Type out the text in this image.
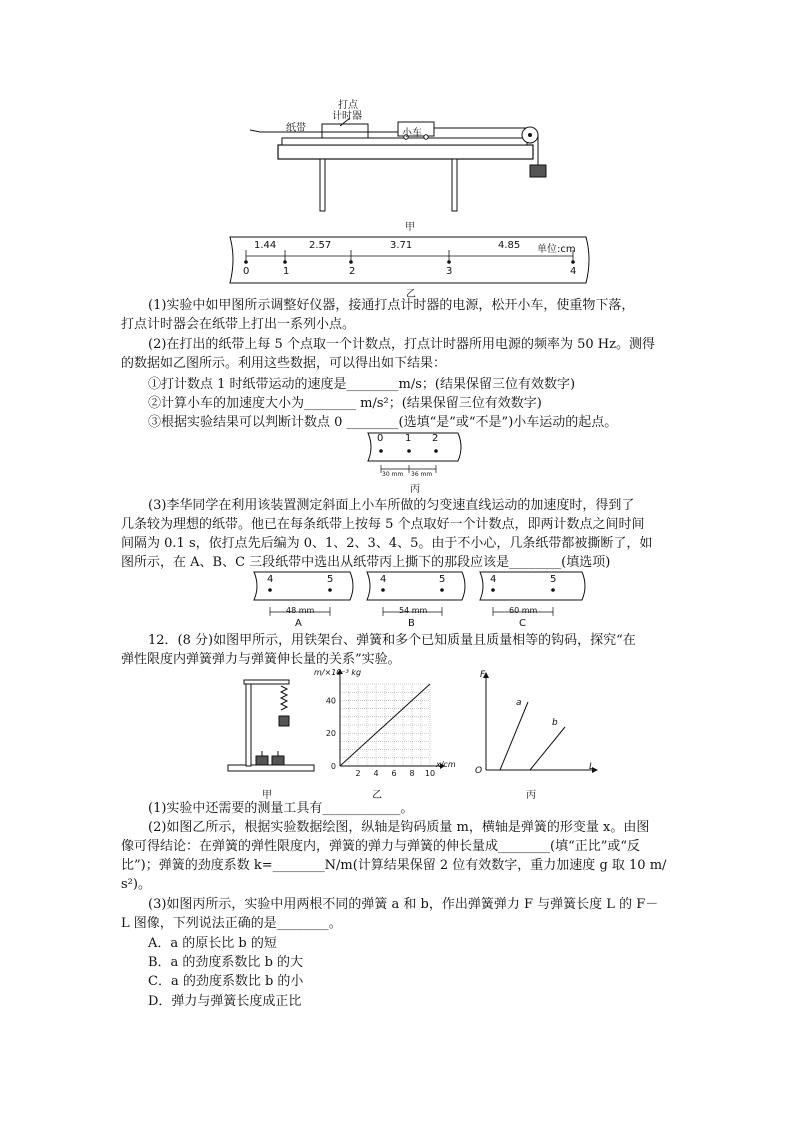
打点
计时器
纸带	小车
甲
1.44	2.57	3.71	4.85 单位:cm
0	1	2	3	4
乙
(1)实验中如甲图所示调整好仪器，接通打点计时器的电源，松开小车，使重物下落，
打点计时器会在纸带上打出一系列小点。
(2)在打出的纸带上每 5 个点取一个计数点，打点计时器所用电源的频率为 50 Hz。测得
的数据如乙图所示。利用这些数据，可以得出如下结果：
①打计数点 1 时纸带运动的速度是________m/s；(结果保留三位有效数字)
②计算小车的加速度大小为________ m/s²；(结果保留三位有效数字)
③根据实验结果可以判断计数点 0 ________(选填“是”或“不是”)小车运动的起点。
0 1 2
30 mm 36 mm
丙
(3)李华同学在利用该装置测定斜面上小车所做的匀变速直线运动的加速度时，得到了
几条较为理想的纸带。他已在每条纸带上按每 5 个点取好一个计数点，即两计数点之间时间
间隔为 0.1 s，依打点先后编为 0、1、2、3、4、5。由于不小心，几条纸带都被撕断了，如
图所示，在 A、B、C 三段纸带中选出从纸带丙上撕下的那段应该是________(填选项)
4	5	4	5	4	5
48 mm	54 mm	60 mm
A	B	C
12．(8 分)如图甲所示，用铁架台、弹簧和多个已知质量且质量相等的钩码，探究“在
弹性限度内弹簧弹力与弹簧伸长量的关系”实验。
甲
2 4 6 8 10
0
20
40
m/×10⁻³ kg
x/cm
乙
F
L
O
a
b
丙
(1)实验中还需要的测量工具有____________。
(2)如图乙所示，根据实验数据绘图，纵轴是钩码质量 m，横轴是弹簧的形变量 x。由图
像可得结论：在弹簧的弹性限度内，弹簧的弹力与弹簧的伸长量成________(填“正比”或“反
比”)；弹簧的劲度系数 k=________N/m(计算结果保留 2 位有效数字，重力加速度 g 取 10 m/
s²)。
(3)如图丙所示，实验中用两根不同的弹簧 a 和 b，作出弹簧弹力 F 与弹簧长度 L 的 F－
L 图像，下列说法正确的是________。
A．a 的原长比 b 的短
B．a 的劲度系数比 b 的大
C．a 的劲度系数比 b 的小
D．弹力与弹簧长度成正比
